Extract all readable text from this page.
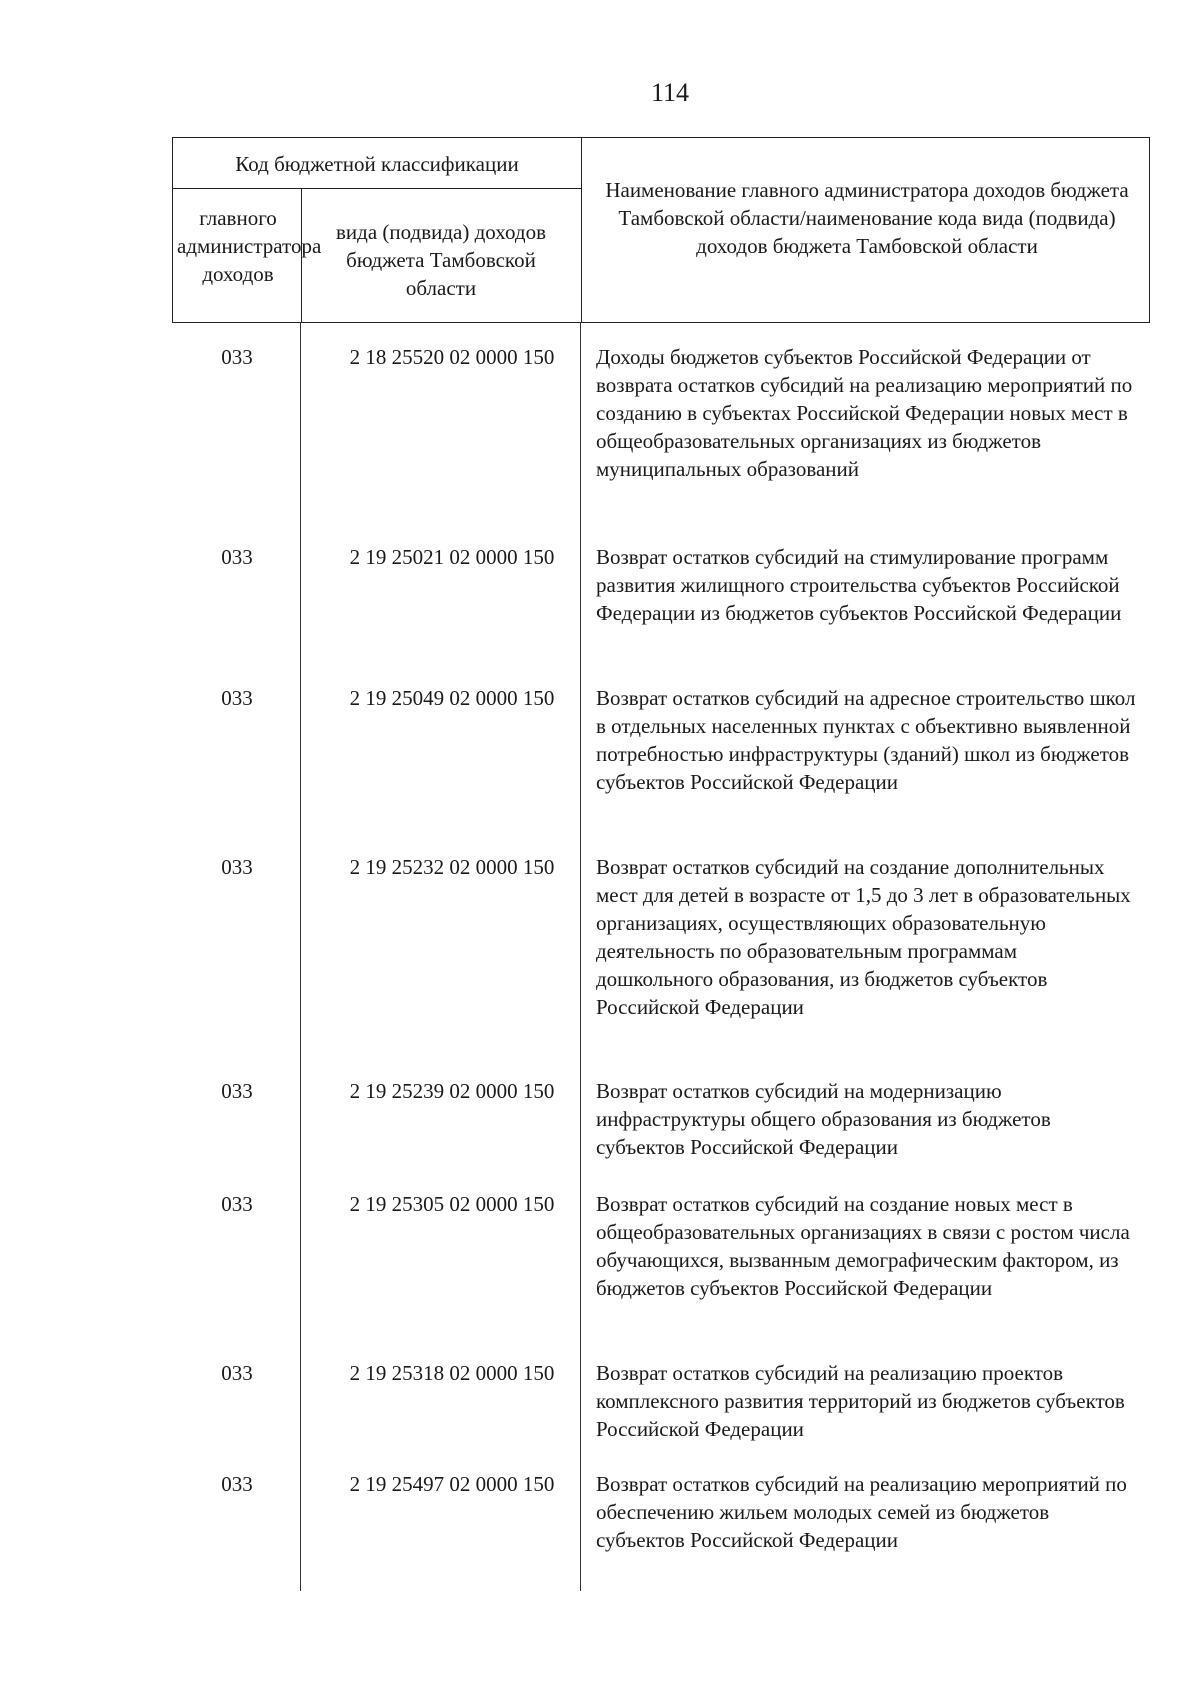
114
Код бюджетной классификации
главного администратора доходов
вида (подвида) доходов бюджета Тамбовской области
Наименование главного администратора доходов бюджета Тамбовской области/наименование кода вида (подвида) доходов бюджета Тамбовской области
033	2 18 25520 02 0000 150	Доходы бюджетов субъектов Российской Федерации от возврата остатков субсидий на реализацию мероприятий по созданию в субъектах Российской Федерации новых мест в общеобразовательных организациях из бюджетов муниципальных образований
033	2 19 25021 02 0000 150	Возврат остатков субсидий на стимулирование программ развития жилищного строительства субъектов Российской Федерации из бюджетов субъектов Российской Федерации
033	2 19 25049 02 0000 150	Возврат остатков субсидий на адресное строительство школ в отдельных населенных пунктах с объективно выявленной потребностью инфраструктуры (зданий) школ из бюджетов субъектов Российской Федерации
033	2 19 25232 02 0000 150	Возврат остатков субсидий на создание дополнительных мест для детей в возрасте от 1,5 до 3 лет в образовательных организациях, осуществляющих образовательную деятельность по образовательным программам дошкольного образования, из бюджетов субъектов Российской Федерации
033	2 19 25239 02 0000 150	Возврат остатков субсидий на модернизацию инфраструктуры общего образования из бюджетов субъектов Российской Федерации
033	2 19 25305 02 0000 150	Возврат остатков субсидий на создание новых мест в общеобразовательных организациях в связи с ростом числа обучающихся, вызванным демографическим фактором, из бюджетов субъектов Российской Федерации
033	2 19 25318 02 0000 150	Возврат остатков субсидий на реализацию проектов комплексного развития территорий из бюджетов субъектов Российской Федерации
033	2 19 25497 02 0000 150	Возврат остатков субсидий на реализацию мероприятий по обеспечению жильем молодых семей из бюджетов субъектов Российской Федерации
